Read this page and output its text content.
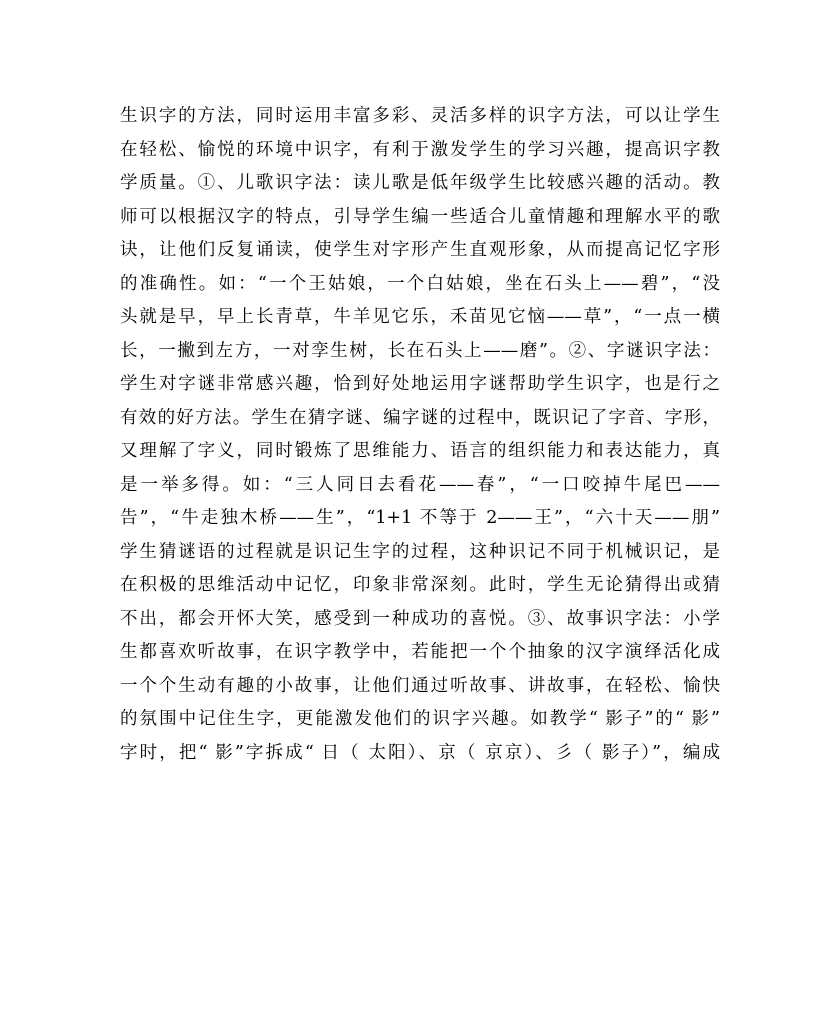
生识字的方法，同时运用丰富多彩、灵活多样的识字方法，可以让学生
在轻松、愉悦的环境中识字，有利于激发学生的学习兴趣，提高识字教
学质量。①、儿歌识字法：读儿歌是低年级学生比较感兴趣的活动。教
师可以根据汉字的特点，引导学生编一些适合儿童情趣和理解水平的歌
诀，让他们反复诵读，使学生对字形产生直观形象，从而提高记忆字形
的准确性。如：“一个王姑娘，一个白姑娘，坐在石头上——碧”，“没
头就是早，早上长青草，牛羊见它乐，禾苗见它恼——草”，“一点一横
长，一撇到左方，一对孪生树，长在石头上——磨”。②、字谜识字法：
学生对字谜非常感兴趣，恰到好处地运用字谜帮助学生识字，也是行之
有效的好方法。学生在猜字谜、编字谜的过程中，既识记了字音、字形，
又理解了字义，同时锻炼了思维能力、语言的组织能力和表达能力，真
是一举多得。如：“三人同日去看花——春”，“一口咬掉牛尾巴——
告”，“牛走独木桥——生”，“1+1 不等于 2——王”，“六十天——朋”
学生猜谜语的过程就是识记生字的过程，这种识记不同于机械识记，是
在积极的思维活动中记忆，印象非常深刻。此时，学生无论猜得出或猜
不出，都会开怀大笑，感受到一种成功的喜悦。③、故事识字法：小学
生都喜欢听故事，在识字教学中，若能把一个个抽象的汉字演绎活化成
一个个生动有趣的小故事，让他们通过听故事、讲故事，在轻松、愉快
的氛围中记住生字，更能激发他们的识字兴趣。如教学“ 影子”的“ 影”
字时，把“ 影”字拆成“ 日（ 太阳）、京（ 京京）、彡（ 影子）”，编成
